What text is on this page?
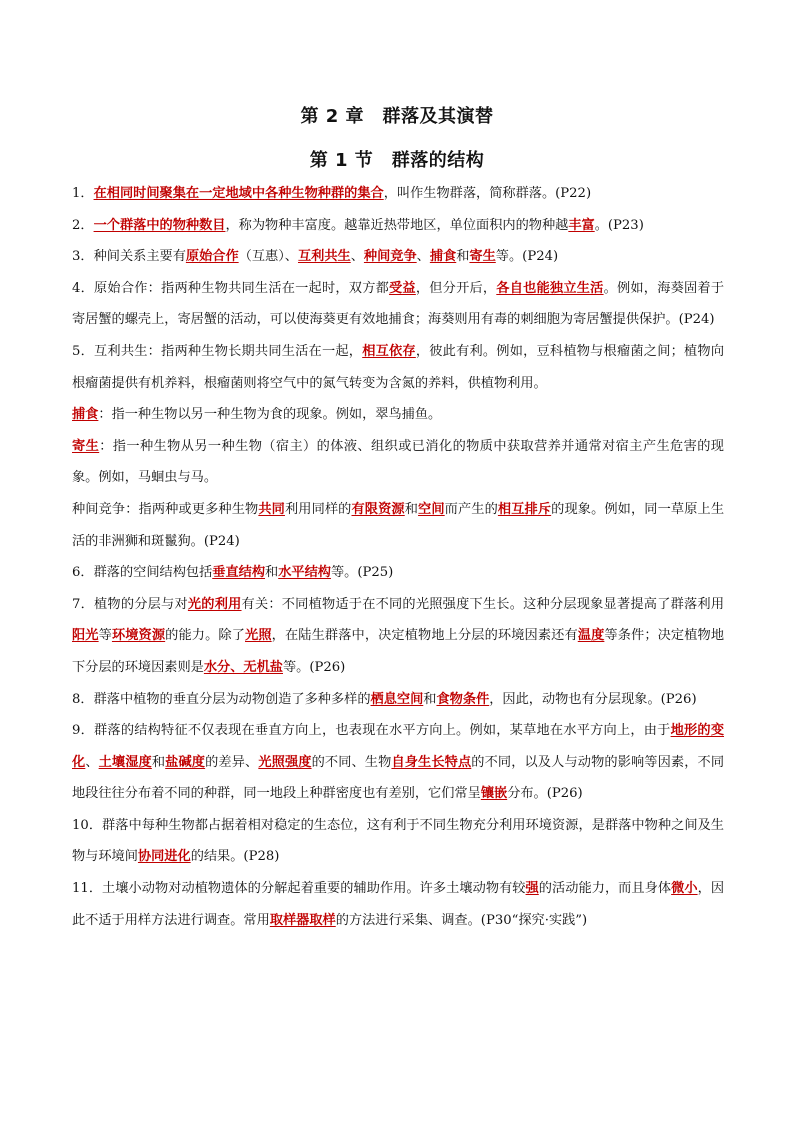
第 2 章　群落及其演替
第 1 节　群落的结构

1．在相同时间聚集在一定地域中各种生物种群的集合，叫作生物群落，简称群落。(P22)

2．一个群落中的物种数目，称为物种丰富度。越靠近热带地区，单位面积内的物种越丰富。(P23)

3．种间关系主要有原始合作（互惠）、互利共生、种间竞争、捕食和寄生等。(P24)

4．原始合作：指两种生物共同生活在一起时，双方都受益，但分开后，各自也能独立生活。例如，海葵固着于寄居蟹的螺壳上，寄居蟹的活动，可以使海葵更有效地捕食；海葵则用有毒的刺细胞为寄居蟹提供保护。(P24)

5．互利共生：指两种生物长期共同生活在一起，相互依存，彼此有利。例如，豆科植物与根瘤菌之间；植物向根瘤菌提供有机养料，根瘤菌则将空气中的氮气转变为含氮的养料，供植物利用。

捕食：指一种生物以另一种生物为食的现象。例如，翠鸟捕鱼。

寄生：指一种生物从另一种生物（宿主）的体液、组织或已消化的物质中获取营养并通常对宿主产生危害的现象。例如，马蛔虫与马。

种间竞争：指两种或更多种生物共同利用同样的有限资源和空间而产生的相互排斥的现象。例如，同一草原上生活的非洲狮和斑鬣狗。(P24)

6．群落的空间结构包括垂直结构和水平结构等。(P25)

7．植物的分层与对光的利用有关：不同植物适于在不同的光照强度下生长。这种分层现象显著提高了群落利用阳光等环境资源的能力。除了光照，在陆生群落中，决定植物地上分层的环境因素还有温度等条件；决定植物地下分层的环境因素则是水分、无机盐等。(P26)

8．群落中植物的垂直分层为动物创造了多种多样的栖息空间和食物条件，因此，动物也有分层现象。(P26)

9．群落的结构特征不仅表现在垂直方向上，也表现在水平方向上。例如，某草地在水平方向上，由于地形的变化、土壤湿度和盐碱度的差异、光照强度的不同、生物自身生长特点的不同，以及人与动物的影响等因素，不同地段往往分布着不同的种群，同一地段上种群密度也有差别，它们常呈镶嵌分布。(P26)

10．群落中每种生物都占据着相对稳定的生态位，这有利于不同生物充分利用环境资源，是群落中物种之间及生物与环境间协同进化的结果。(P28)

11．土壤小动物对动植物遗体的分解起着重要的辅助作用。许多土壤动物有较强的活动能力，而且身体微小，因此不适于用样方法进行调查。常用取样器取样的方法进行采集、调查。(P30“探究·实践”)
